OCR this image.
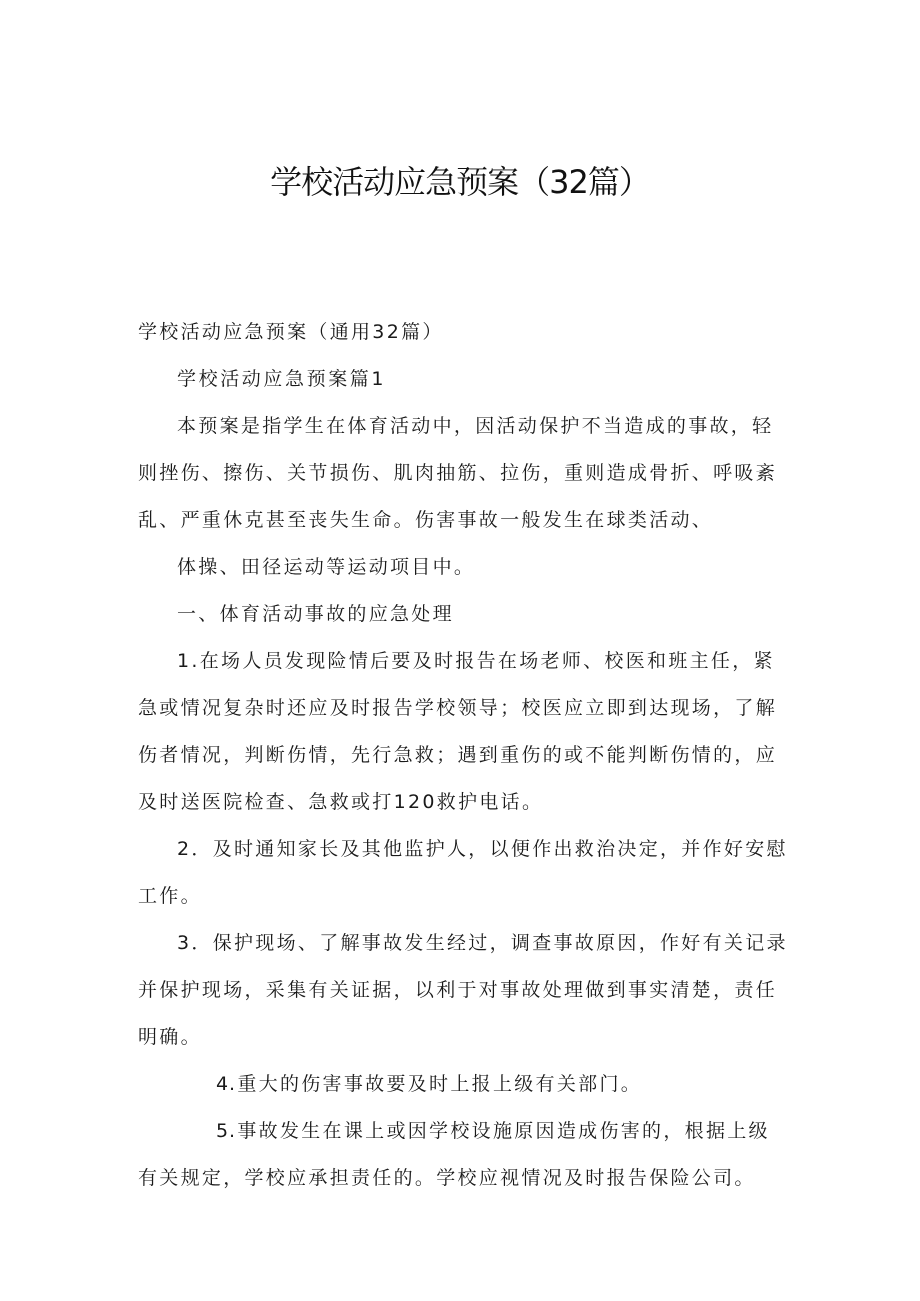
学校活动应急预案（32篇）

学校活动应急预案（通用32篇）

学校活动应急预案篇1

本预案是指学生在体育活动中，因活动保护不当造成的事故，轻则挫伤、擦伤、关节损伤、肌肉抽筋、拉伤，重则造成骨折、呼吸紊乱、严重休克甚至丧失生命。伤害事故一般发生在球类活动、

体操、田径运动等运动项目中。

一、体育活动事故的应急处理

1.在场人员发现险情后要及时报告在场老师、校医和班主任，紧急或情况复杂时还应及时报告学校领导；校医应立即到达现场，了解伤者情况，判断伤情，先行急救；遇到重伤的或不能判断伤情的，应及时送医院检查、急救或打120救护电话。

2．及时通知家长及其他监护人，以便作出救治决定，并作好安慰工作。

3．保护现场、了解事故发生经过，调查事故原因，作好有关记录并保护现场，采集有关证据，以利于对事故处理做到事实清楚，责任明确。

4.重大的伤害事故要及时上报上级有关部门。

5.事故发生在课上或因学校设施原因造成伤害的，根据上级有关规定，学校应承担责任的。学校应视情况及时报告保险公司。
